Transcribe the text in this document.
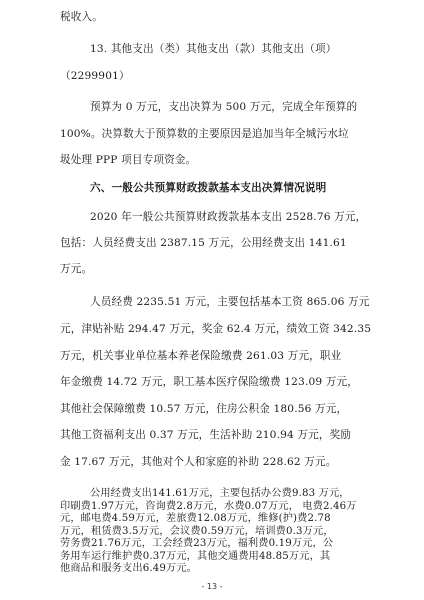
税收入。
13. 其他支出（类）其他支出（款）其他支出（项）
（2299901）
预算为 0 万元，支出决算为 500 万元，完成全年预算的
100%。决算数大于预算数的主要原因是追加当年全城污水垃
圾处理 PPP 项目专项资金。
六、一般公共预算财政拨款基本支出决算情况说明
2020 年一般公共预算财政拨款基本支出 2528.76 万元，
包括：人员经费支出 2387.15 万元，公用经费支出 141.61
万元。
人员经费 2235.51 万元，主要包括基本工资 865.06 万元
元，津贴补贴 294.47 万元，奖金 62.4 万元，绩效工资 342.35
万元，机关事业单位基本养老保险缴费 261.03 万元，职业
年金缴费 14.72 万元，职工基本医疗保险缴费 123.09 万元，
其他社会保障缴费 10.57 万元，住房公积金 180.56 万元，
其他工资福利支出 0.37 万元，生活补助 210.94 万元，奖励
金 17.67 万元，其他对个人和家庭的补助 228.62 万元。
公用经费支出141.61万元，主要包括办公费9.83 万元，
印刷费1.97万元，咨询费2.8万元，水费0.07万元， 电费2.46万
元，邮电费4.59万元，差旅费12.08万元，维修(护)费2.78
万元，租赁费3.5万元，会议费0.59万元，培训费0.3万元，
劳务费21.76万元，工会经费23万元，福利费0.19万元，公
务用车运行维护费0.37万元，其他交通费用48.85万元，其
他商品和服务支出6.49万元。
- 13 -
